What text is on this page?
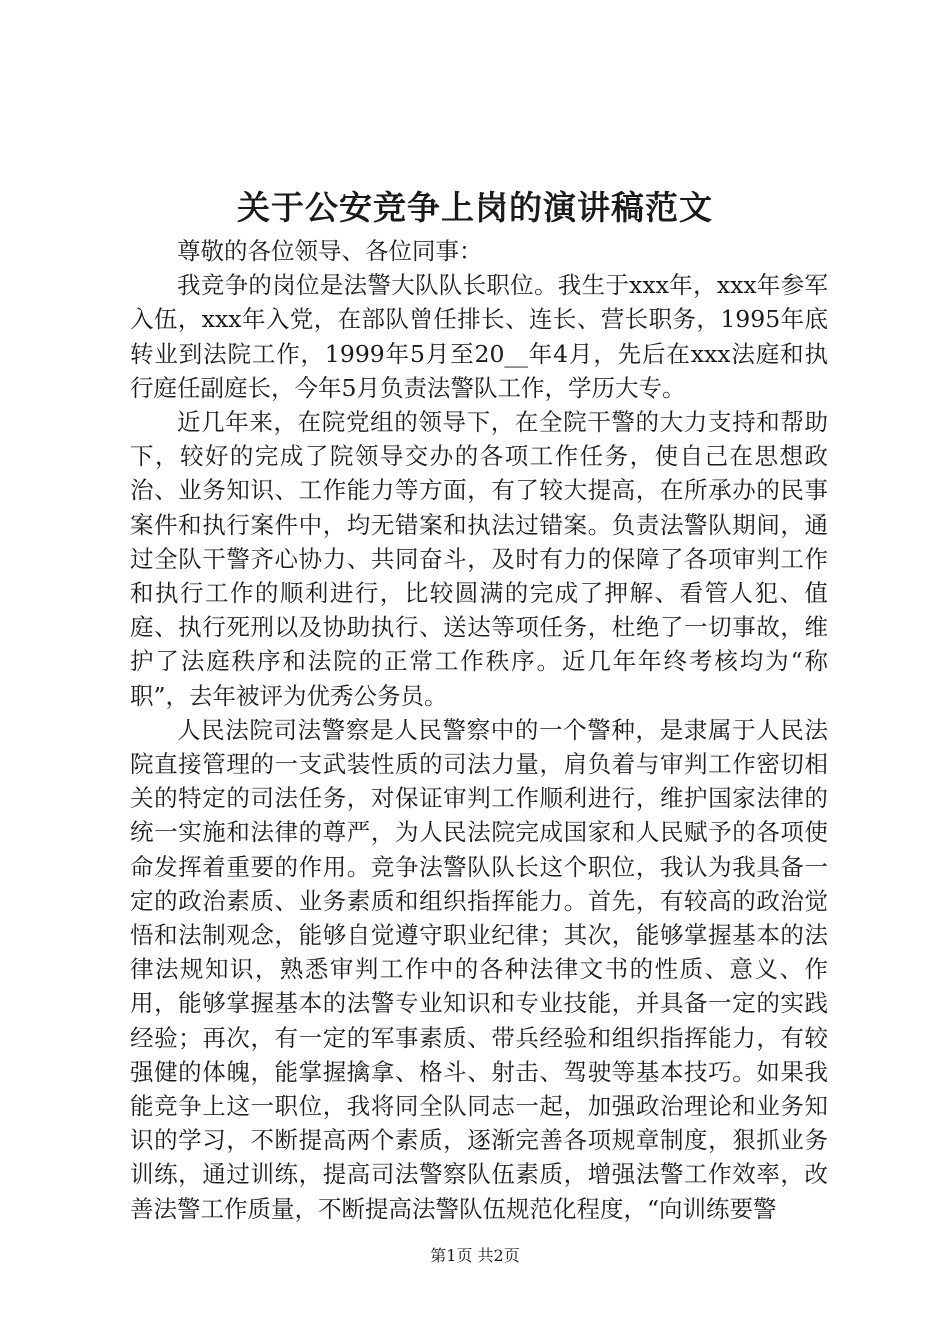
关于公安竞争上岗的演讲稿范文

尊敬的各位领导、各位同事：

我竞争的岗位是法警大队队长职位。我生于xxx年，xxx年参军入伍，xxx年入党，在部队曾任排长、连长、营长职务，1995年底转业到法院工作，1999年5月至20__年4月，先后在xxx法庭和执行庭任副庭长，今年5月负责法警队工作，学历大专。

近几年来，在院党组的领导下，在全院干警的大力支持和帮助下，较好的完成了院领导交办的各项工作任务，使自己在思想政治、业务知识、工作能力等方面，有了较大提高，在所承办的民事案件和执行案件中，均无错案和执法过错案。负责法警队期间，通过全队干警齐心协力、共同奋斗，及时有力的保障了各项审判工作和执行工作的顺利进行，比较圆满的完成了押解、看管人犯、值庭、执行死刑以及协助执行、送达等项任务，杜绝了一切事故，维护了法庭秩序和法院的正常工作秩序。近几年年终考核均为“称职”，去年被评为优秀公务员。

人民法院司法警察是人民警察中的一个警种，是隶属于人民法院直接管理的一支武装性质的司法力量，肩负着与审判工作密切相关的特定的司法任务，对保证审判工作顺利进行，维护国家法律的统一实施和法律的尊严，为人民法院完成国家和人民赋予的各项使命发挥着重要的作用。竞争法警队队长这个职位，我认为我具备一定的政治素质、业务素质和组织指挥能力。首先，有较高的政治觉悟和法制观念，能够自觉遵守职业纪律；其次，能够掌握基本的法律法规知识，熟悉审判工作中的各种法律文书的性质、意义、作用，能够掌握基本的法警专业知识和专业技能，并具备一定的实践经验；再次，有一定的军事素质、带兵经验和组织指挥能力，有较强健的体魄，能掌握擒拿、格斗、射击、驾驶等基本技巧。如果我能竞争上这一职位，我将同全队同志一起，加强政治理论和业务知识的学习，不断提高两个素质，逐渐完善各项规章制度，狠抓业务训练，通过训练，提高司法警察队伍素质，增强法警工作效率，改善法警工作质量，不断提高法警队伍规范化程度，“向训练要警

第1页 共2页
